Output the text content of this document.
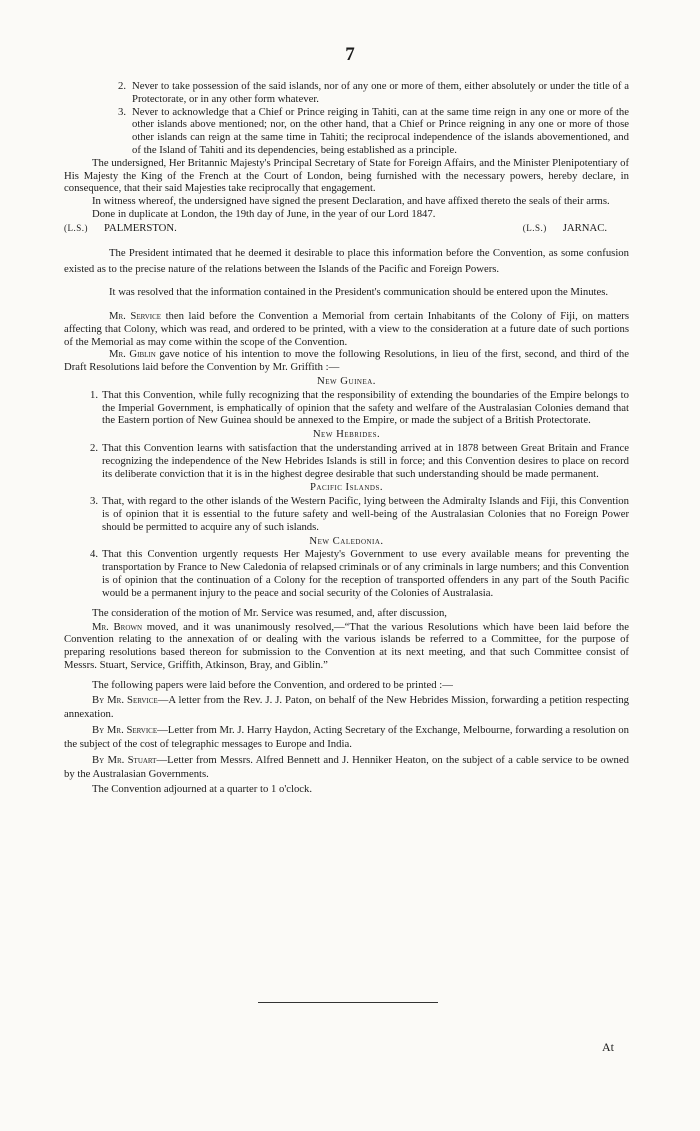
7

2. Never to take possession of the said islands, nor of any one or more of them, either absolutely or under the title of a Protectorate, or in any other form whatever.

3. Never to acknowledge that a Chief or Prince reiging in Tahiti, can at the same time reign in any one or more of the other islands above mentioned; nor, on the other hand, that a Chief or Prince reigning in any one or more of those other islands can reign at the same time in Tahiti; the reciprocal independence of the islands abovementioned, and of the Island of Tahiti and its dependencies, being established as a principle.

The undersigned, Her Britannic Majesty's Principal Secretary of State for Foreign Affairs, and the Minister Plenipotentiary of His Majesty the King of the French at the Court of London, being furnished with the necessary powers, hereby declare, in consequence, that their said Majesties take reciprocally that engagement.

In witness whereof, the undersigned have signed the present Declaration, and have affixed thereto the seals of their arms.

Done in duplicate at London, the 19th day of June, in the year of our Lord 1847.

(L.S.) PALMERSTON.	(L.S.) JARNAC.

The President intimated that he deemed it desirable to place this information before the Convention, as some confusion existed as to the precise nature of the relations between the Islands of the Pacific and Foreign Powers.

It was resolved that the information contained in the President's communication should be entered upon the Minutes.

Mr. Service then laid before the Convention a Memorial from certain Inhabitants of the Colony of Fiji, on matters affecting that Colony, which was read, and ordered to be printed, with a view to the consideration at a future date of such portions of the Memorial as may come within the scope of the Convention.

Mr. Giblin gave notice of his intention to move the following Resolutions, in lieu of the first, second, and third of the Draft Resolutions laid before the Convention by Mr. Griffith :—

New Guinea.

1. That this Convention, while fully recognizing that the responsibility of extending the boundaries of the Empire belongs to the Imperial Government, is emphatically of opinion that the safety and welfare of the Australasian Colonies demand that the Eastern portion of New Guinea should be annexed to the Empire, or made the subject of a British Protectorate.

New Hebrides.

2. That this Convention learns with satisfaction that the understanding arrived at in 1878 between Great Britain and France recognizing the independence of the New Hebrides Islands is still in force; and this Convention desires to place on record its deliberate conviction that it is in the highest degree desirable that such understanding should be made permanent.

Pacific Islands.

3. That, with regard to the other islands of the Western Pacific, lying between the Admiralty Islands and Fiji, this Convention is of opinion that it is essential to the future safety and well-being of the Australasian Colonies that no Foreign Power should be permitted to acquire any of such islands.

New Caledonia.

4. That this Convention urgently requests Her Majesty's Government to use every available means for preventing the transportation by France to New Caledonia of relapsed criminals or of any criminals in large numbers; and this Convention is of opinion that the continuation of a Colony for the reception of transported offenders in any part of the South Pacific would be a permanent injury to the peace and social security of the Colonies of Australasia.

The consideration of the motion of Mr. Service was resumed, and, after discussion,

Mr. Brown moved, and it was unanimously resolved,—“That the various Resolutions which have been laid before the Convention relating to the annexation of or dealing with the various islands be referred to a Committee, for the purpose of preparing resolutions based thereon for submission to the Convention at its next meeting, and that such Committee consist of Messrs. Stuart, Service, Griffith, Atkinson, Bray, and Giblin.”

The following papers were laid before the Convention, and ordered to be printed :—

By Mr. Service—A letter from the Rev. J. J. Paton, on behalf of the New Hebrides Mission, forwarding a petition respecting annexation.

By Mr. Service—Letter from Mr. J. Harry Haydon, Acting Secretary of the Exchange, Melbourne, forwarding a resolution on the subject of the cost of telegraphic messages to Europe and India.

By Mr. Stuart—Letter from Messrs. Alfred Bennett and J. Henniker Heaton, on the subject of a cable service to be owned by the Australasian Governments.

The Convention adjourned at a quarter to 1 o'clock.

At
